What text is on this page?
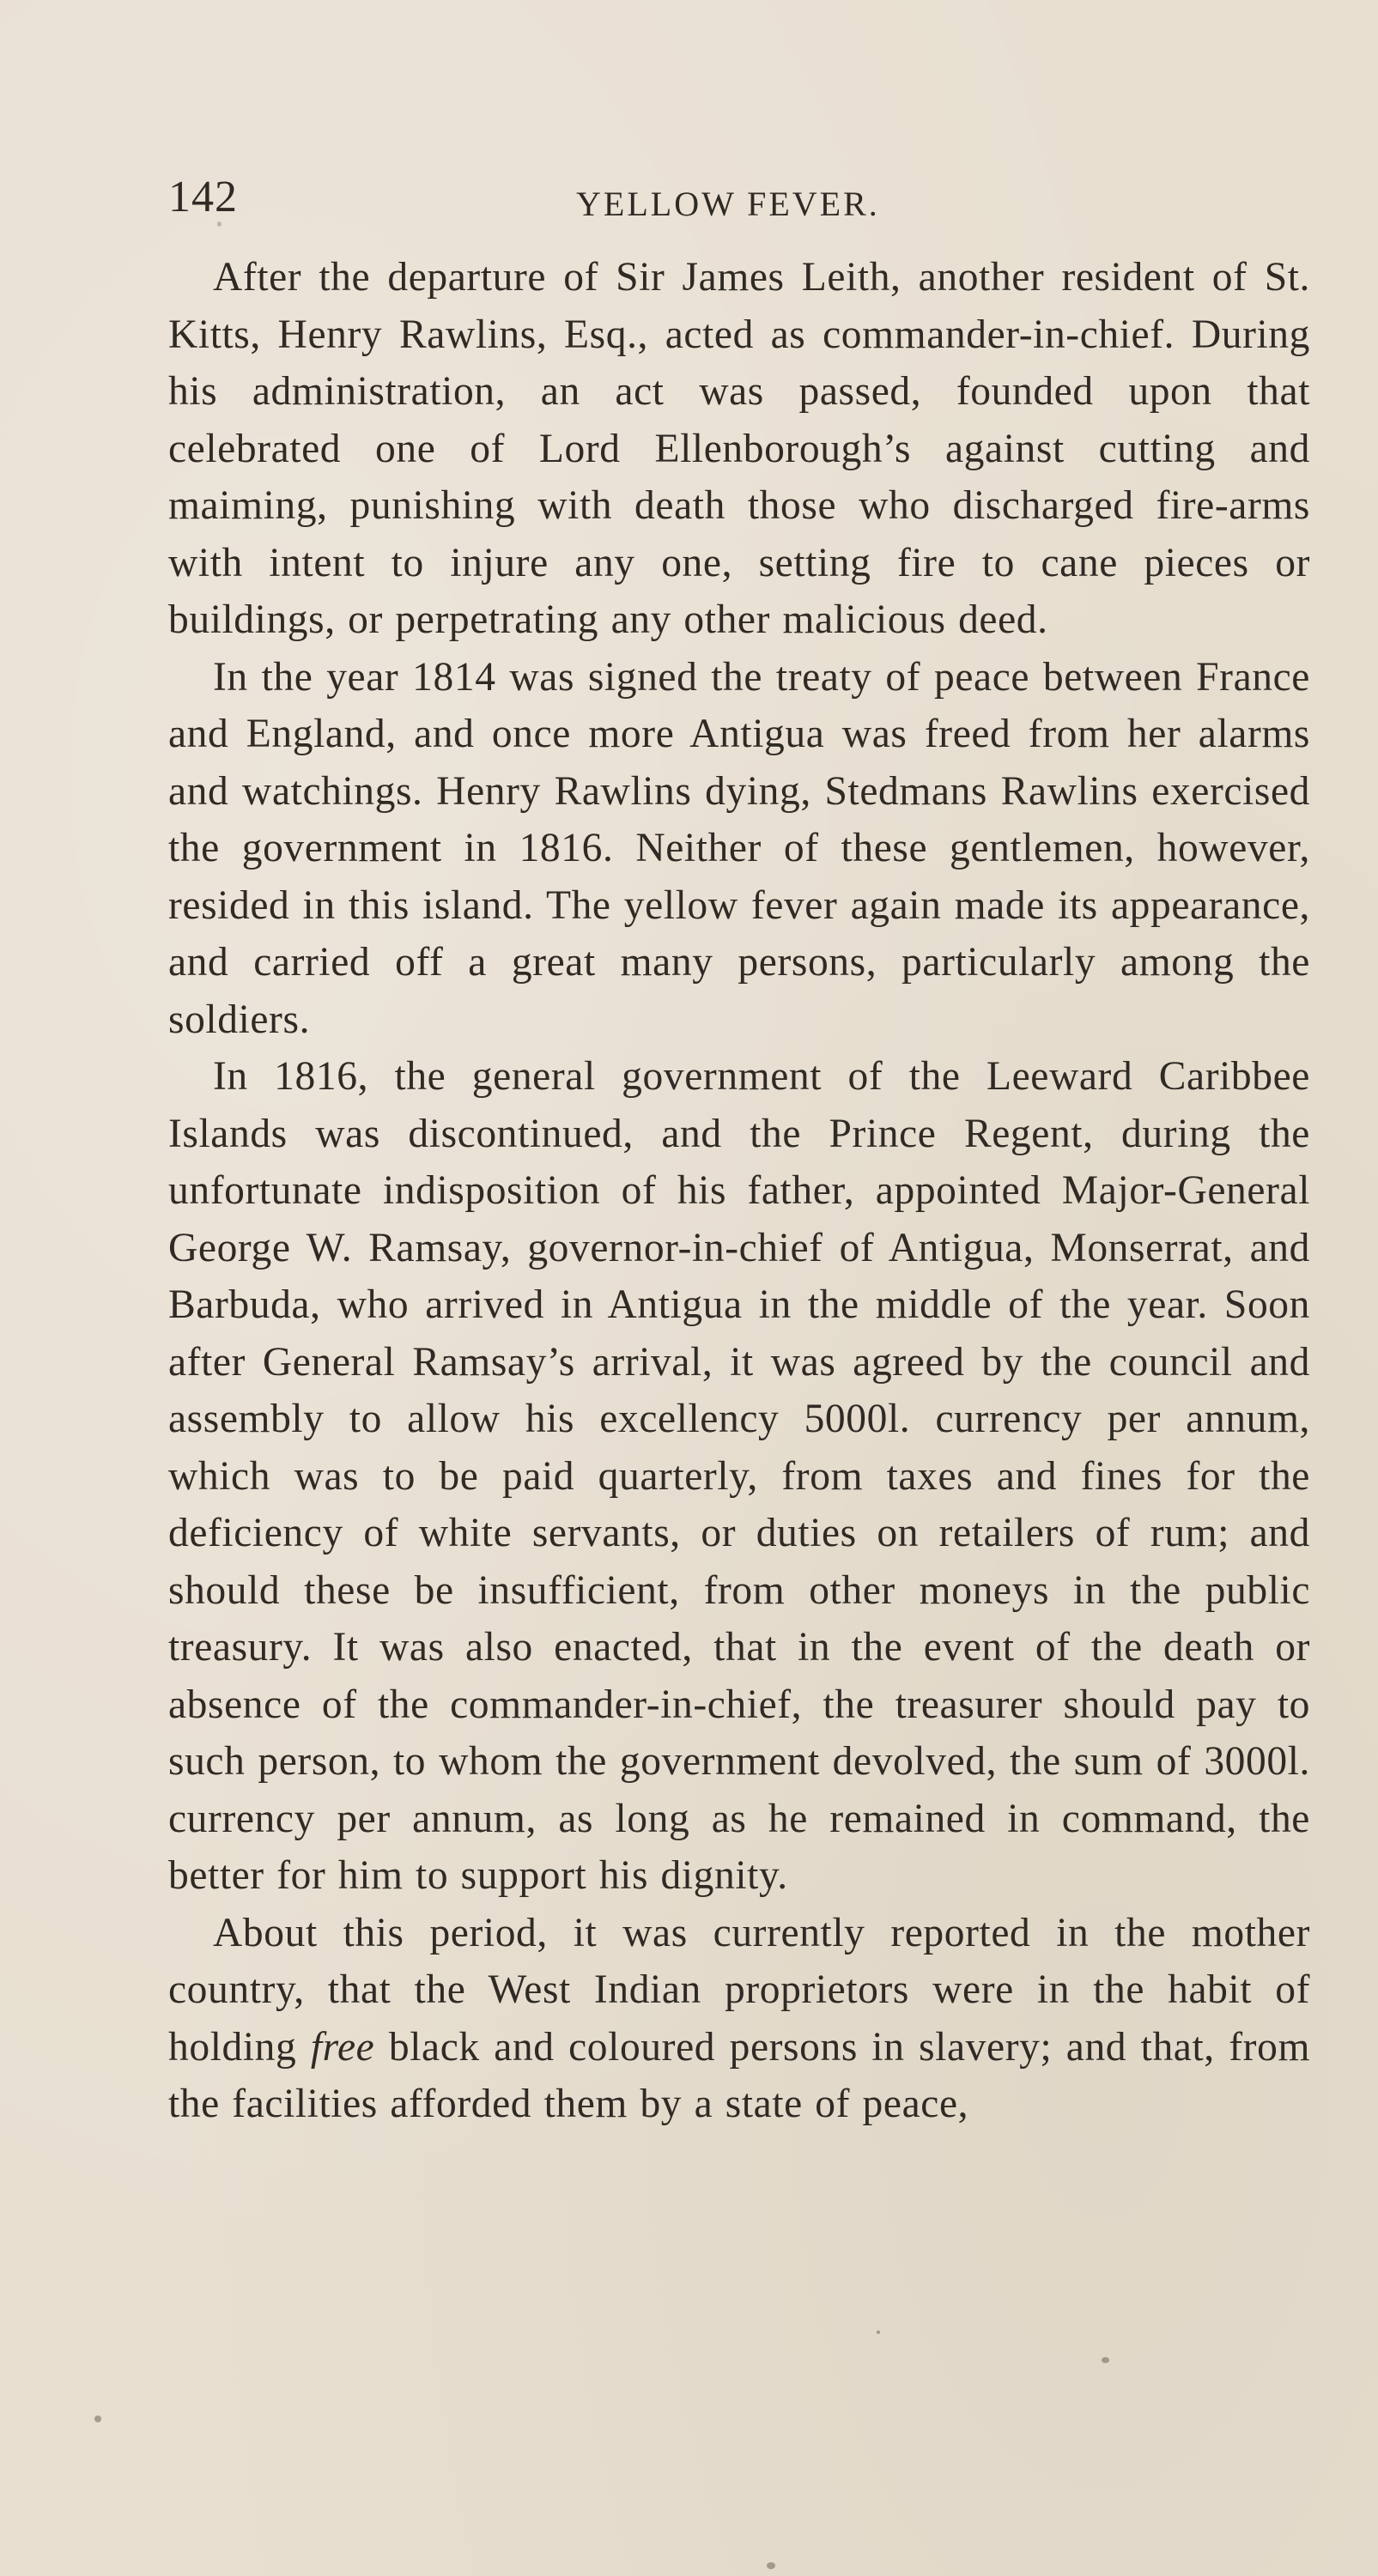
142	YELLOW FEVER.

After the departure of Sir James Leith, another resident of St. Kitts, Henry Rawlins, Esq., acted as commander-in-chief. During his administration, an act was passed, founded upon that celebrated one of Lord Ellenborough’s against cutting and maiming, punishing with death those who discharged fire-arms with intent to injure any one, setting fire to cane pieces or buildings, or perpetrating any other malicious deed.

In the year 1814 was signed the treaty of peace between France and England, and once more Antigua was freed from her alarms and watchings. Henry Rawlins dying, Stedmans Rawlins exercised the government in 1816. Neither of these gentlemen, however, resided in this island. The yellow fever again made its appearance, and carried off a great many persons, particularly among the soldiers.

In 1816, the general government of the Leeward Caribbee Islands was discontinued, and the Prince Regent, during the unfortunate indisposition of his father, appointed Major-General George W. Ramsay, governor-in-chief of Antigua, Monserrat, and Barbuda, who arrived in Antigua in the middle of the year. Soon after General Ramsay’s arrival, it was agreed by the council and assembly to allow his excellency 5000l. currency per annum, which was to be paid quarterly, from taxes and fines for the deficiency of white servants, or duties on retailers of rum; and should these be insufficient, from other moneys in the public treasury. It was also enacted, that in the event of the death or absence of the commander-in-chief, the treasurer should pay to such person, to whom the government devolved, the sum of 3000l. currency per annum, as long as he remained in command, the better for him to support his dignity.

About this period, it was currently reported in the mother country, that the West Indian proprietors were in the habit of holding free black and coloured persons in slavery; and that, from the facilities afforded them by a state of peace,
